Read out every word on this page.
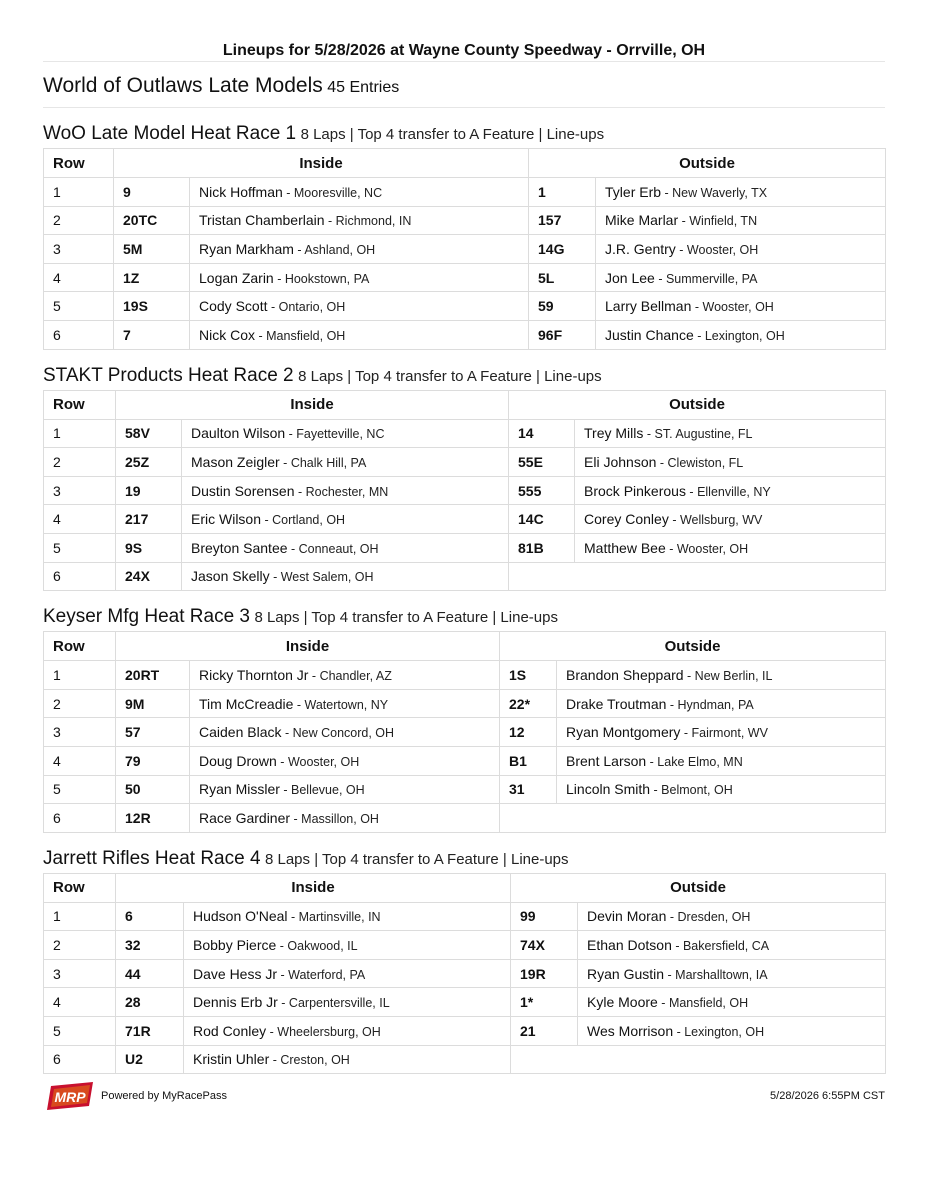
Lineups for 5/28/2026 at Wayne County Speedway - Orrville, OH
World of Outlaws Late Models 45 Entries
WoO Late Model Heat Race 1 8 Laps | Top 4 transfer to A Feature | Line-ups
Row	Inside		Outside	
1	9	Nick Hoffman - Mooresville, NC	1	Tyler Erb - New Waverly, TX
2	20TC	Tristan Chamberlain - Richmond, IN	157	Mike Marlar - Winfield, TN
3	5M	Ryan Markham - Ashland, OH	14G	J.R. Gentry - Wooster, OH
4	1Z	Logan Zarin - Hookstown, PA	5L	Jon Lee - Summerville, PA
5	19S	Cody Scott - Ontario, OH	59	Larry Bellman - Wooster, OH
6	7	Nick Cox - Mansfield, OH	96F	Justin Chance - Lexington, OH
STAKT Products Heat Race 2 8 Laps | Top 4 transfer to A Feature | Line-ups
Row	Inside		Outside	
1	58V	Daulton Wilson - Fayetteville, NC	14	Trey Mills - ST. Augustine, FL
2	25Z	Mason Zeigler - Chalk Hill, PA	55E	Eli Johnson - Clewiston, FL
3	19	Dustin Sorensen - Rochester, MN	555	Brock Pinkerous - Ellenville, NY
4	217	Eric Wilson - Cortland, OH	14C	Corey Conley - Wellsburg, WV
5	9S	Breyton Santee - Conneaut, OH	81B	Matthew Bee - Wooster, OH
6	24X	Jason Skelly - West Salem, OH		
Keyser Mfg Heat Race 3 8 Laps | Top 4 transfer to A Feature | Line-ups
Row	Inside		Outside	
1	20RT	Ricky Thornton Jr - Chandler, AZ	1S	Brandon Sheppard - New Berlin, IL
2	9M	Tim McCreadie - Watertown, NY	22*	Drake Troutman - Hyndman, PA
3	57	Caiden Black - New Concord, OH	12	Ryan Montgomery - Fairmont, WV
4	79	Doug Drown - Wooster, OH	B1	Brent Larson - Lake Elmo, MN
5	50	Ryan Missler - Bellevue, OH	31	Lincoln Smith - Belmont, OH
6	12R	Race Gardiner - Massillon, OH		
Jarrett Rifles Heat Race 4 8 Laps | Top 4 transfer to A Feature | Line-ups
Row	Inside		Outside	
1	6	Hudson O'Neal - Martinsville, IN	99	Devin Moran - Dresden, OH
2	32	Bobby Pierce - Oakwood, IL	74X	Ethan Dotson - Bakersfield, CA
3	44	Dave Hess Jr - Waterford, PA	19R	Ryan Gustin - Marshalltown, IA
4	28	Dennis Erb Jr - Carpentersville, IL	1*	Kyle Moore - Mansfield, OH
5	71R	Rod Conley - Wheelersburg, OH	21	Wes Morrison - Lexington, OH
6	U2	Kristin Uhler - Creston, OH		
MRP Powered by MyRacePass	5/28/2026 6:55PM CST
